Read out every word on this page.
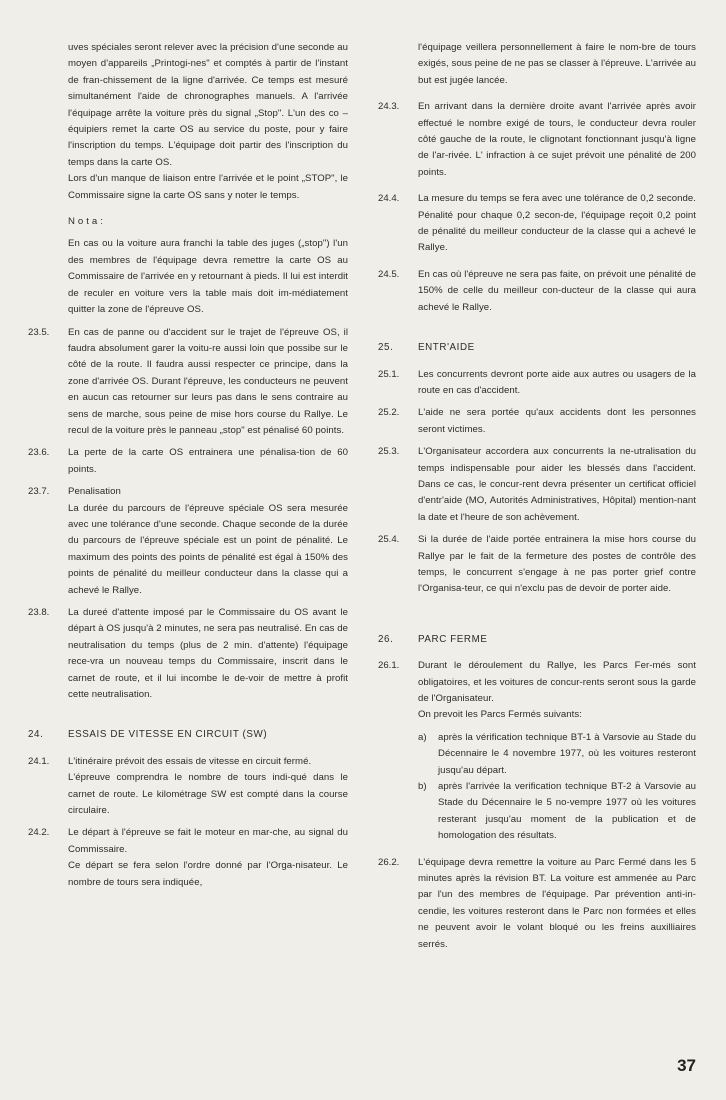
uves spéciales seront relever avec la précision d'une seconde au moyen d'appareils „Printogi-nes" et comptés à partir de l'instant de fran-chissement de la ligne d'arrivée. Ce temps est mesuré simultanément l'aide de chronographes manuels. A l'arrivée l'équipage arrête la voiture près du signal „Stop". L'un des co – équipiers remet la carte OS au service du poste, pour y faire l'inscription du temps. L'équipage doit partir des l'inscription du temps dans la carte OS.

Lors d'un manque de liaison entre l'arrivée et le point „STOP", le Commissaire signe la carte OS sans y noter le temps.

Nota:

En cas ou la voiture aura franchi la table des juges („stop") l'un des membres de l'équipage devra remettre la carte OS au Commissaire de l'arrivée en y retournant à pieds. Il lui est interdit de reculer en voiture vers la table mais doit im-médiatement quitter la zone de l'épreuve OS.

23.5.	En cas de panne ou d'accident sur le trajet de l'épreuve OS, il faudra absolument garer la voitu-re aussi loin que possibe sur le côté de la route. Il faudra aussi respecter ce principe, dans la zone d'arrivée OS. Durant l'épreuve, les conducteurs ne peuvent en aucun cas retourner sur leurs pas dans le sens contraire au sens de marche, sous peine de mise hors course du Rallye. Le recul de la voiture près le panneau „stop" est pénalisé 60 points.

23.6.	La perte de la carte OS entrainera une pénalisa-tion de 60 points.

23.7.	Penalisation
La durée du parcours de l'épreuve spéciale OS sera mesurée avec une tolérance d'une seconde. Chaque seconde de la durée du parcours de l'épreuve spéciale est un point de pénalité. Le maximum des points des points de pénalité est égal à 150% des points de pénalité du meilleur conducteur dans la classe qui a achevé le Rallye.

23.8.	La dureé d'attente imposé par le Commissaire du OS avant le départ à OS jusqu'à 2 minutes, ne sera pas neutralisé. En cas de neutralisation du temps (plus de 2 min. d'attente) l'équipage rece-vra un nouveau temps du Commissaire, inscrit dans le carnet de route, et il lui incombe le de-voir de mettre à profit cette neutralisation.

24.	ESSAIS DE VITESSE EN CIRCUIT (SW)
24.1.	L'itinéraire prévoit des essais de vitesse en circuit fermé.
L'épreuve comprendra le nombre de tours indi-qué dans le carnet de route. Le kilométrage SW est compté dans la course circulaire.

24.2.	Le départ à l'épreuve se fait le moteur en mar-che, au signal du Commissaire.
Ce départ se fera selon l'ordre donné par l'Orga-nisateur. Le nombre de tours sera indiquée,

l'équipage veillera personnellement à faire le nom-bre de tours exigés, sous peine de ne pas se classer à l'épreuve. L'arrivée au but est jugée lancée.

24.3.	En arrivant dans la dernière droite avant l'arrivée après avoir effectué le nombre exigé de tours, le conducteur devra rouler côté gauche de la route, le clignotant fonctionnant jusqu'à ligne de l'ar-rivée. L' infraction à ce sujet prévoit une pénalité de 200 points.

24.4.	La mesure du temps se fera avec une tolérance de 0,2 seconde. Pénalité pour chaque 0,2 secon-de, l'équipage reçoit 0,2 point de pénalité du meilleur conducteur de la classe qui a achevé le Rallye.

24.5.	En cas où l'épreuve ne sera pas faite, on prévoit une pénalité de 150% de celle du meilleur con-ducteur de la classe qui aura achevé le Rallye.

25.	ENTR'AIDE
25.1.	Les concurrents devront porte aide aux autres ou usagers de la route en cas d'accident.

25.2.	L'aide ne sera portée qu'aux accidents dont les personnes seront victimes.

25.3.	L'Organisateur accordera aux concurrents la ne-utralisation du temps indispensable pour aider les blessés dans l'accident. Dans ce cas, le concur-rent devra présenter un certificat officiel d'entr'aide (MO, Autorités Administratives, Hôpital) mention-nant la date et l'heure de son achèvement.

25.4.	Si la durée de l'aide portée entrainera la mise hors course du Rallye par le fait de la fermeture des postes de contrôle des temps, le concurrent s'engage à ne pas porter grief contre l'Organisa-teur, ce qui n'exclu pas de devoir de porter aide.

26.	PARC FERME
26.1.	Durant le déroulement du Rallye, les Parcs Fer-més sont obligatoires, et les voitures de concur-rents seront sous la garde de l'Organisateur.
On prevoit les Parcs Fermés suivants:

a)	après la vérification technique BT-1 à Varsovie au Stade du Décennaire le 4 novembre 1977, où les voitures resteront jusqu'au départ.

b)	après l'arrivée la verification technique BT-2 à Varsovie au Stade du Décennaire le 5 no-vempre 1977 où les voitures resterant jusqu'au moment de la publication et de homologation des résultats.

26.2.	L'équipage devra remettre la voiture au Parc Fermé dans les 5 minutes après la révision BT. La voiture est ammenée au Parc par l'un des membres de l'équipage. Par prévention anti-in-cendie, les voitures resteront dans le Parc non formées et elles ne peuvent avoir le volant bloqué ou les freins auxilliaires serrés.

37
